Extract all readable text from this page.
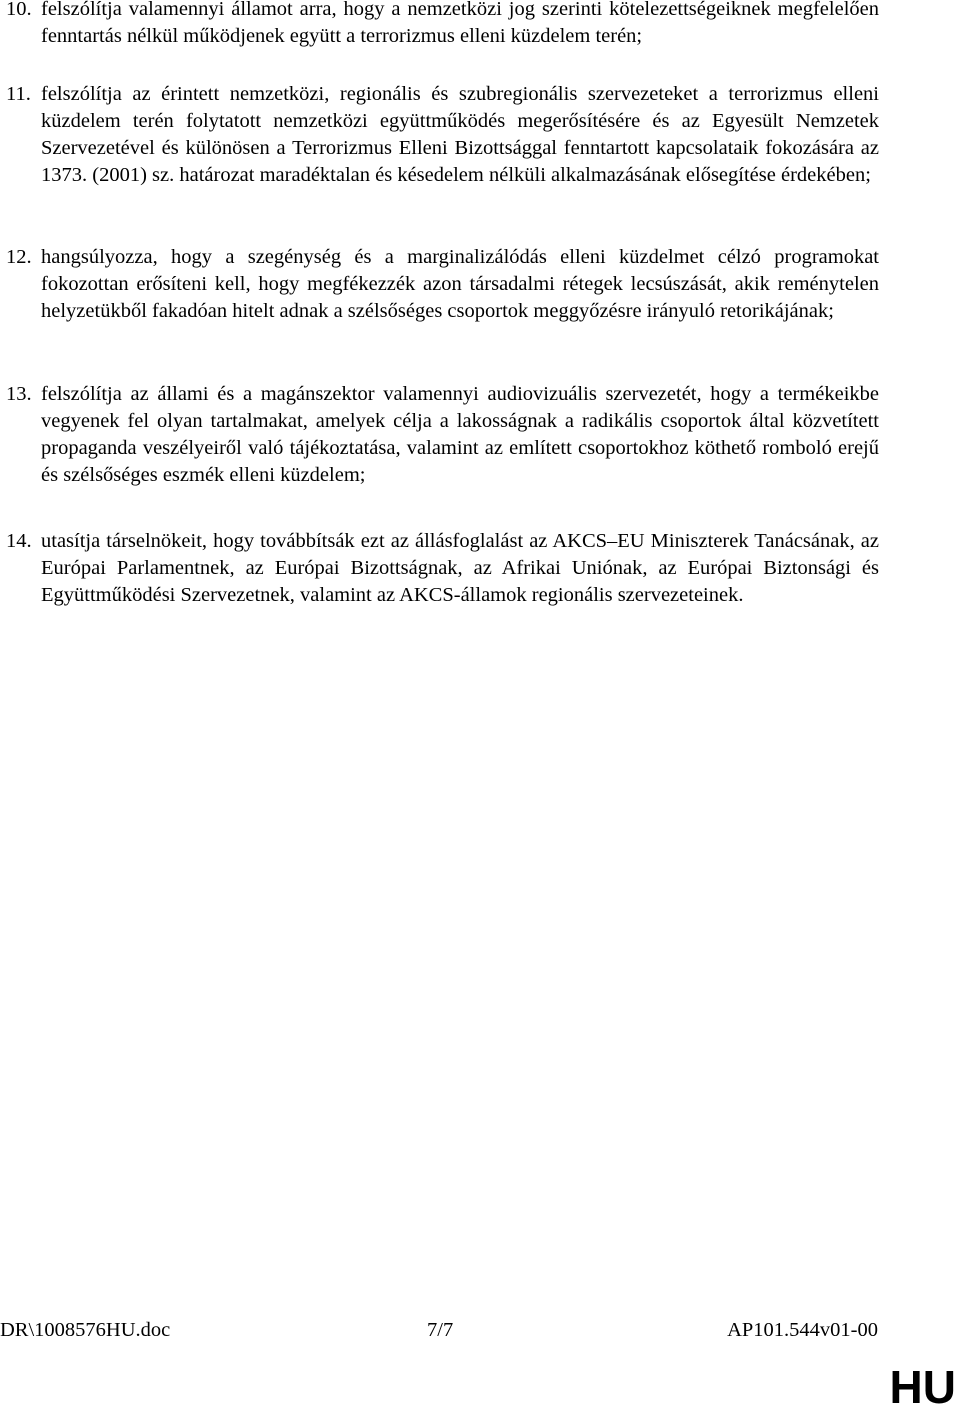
10. felszólítja valamennyi államot arra, hogy a nemzetközi jog szerinti kötelezettségeiknek megfelelően fenntartás nélkül működjenek együtt a terrorizmus elleni küzdelem terén;
11. felszólítja az érintett nemzetközi, regionális és szubregionális szervezeteket a terrorizmus elleni küzdelem terén folytatott nemzetközi együttműködés megerősítésére és az Egyesült Nemzetek Szervezetével és különösen a Terrorizmus Elleni Bizottsággal fenntartott kapcsolataik fokozására az 1373. (2001) sz. határozat maradéktalan és késedelem nélküli alkalmazásának elősegítése érdekében;
12. hangsúlyozza, hogy a szegénység és a marginalizálódás elleni küzdelmet célzó programokat fokozottan erősíteni kell, hogy megfékezzék azon társadalmi rétegek lecsúszását, akik reménytelen helyzetükből fakadóan hitelt adnak a szélsőséges csoportok meggyőzésre irányuló retorikájának;
13. felszólítja az állami és a magánszektor valamennyi audiovizuális szervezetét, hogy a termékeikbe vegyenek fel olyan tartalmakat, amelyek célja a lakosságnak a radikális csoportok által közvetített propaganda veszélyeiről való tájékoztatása, valamint az említett csoportokhoz köthető romboló erejű és szélsőséges eszmék elleni küzdelem;
14. utasítja társelnökeit, hogy továbbítsák ezt az állásfoglalást az AKCS–EU Miniszterek Tanácsának, az Európai Parlamentnek, az Európai Bizottságnak, az Afrikai Uniónak, az Európai Biztonsági és Együttműködési Szervezetnek, valamint az AKCS-államok regionális szervezeteinek.
DR\1008576HU.doc	7/7	AP101.544v01-00
HU
